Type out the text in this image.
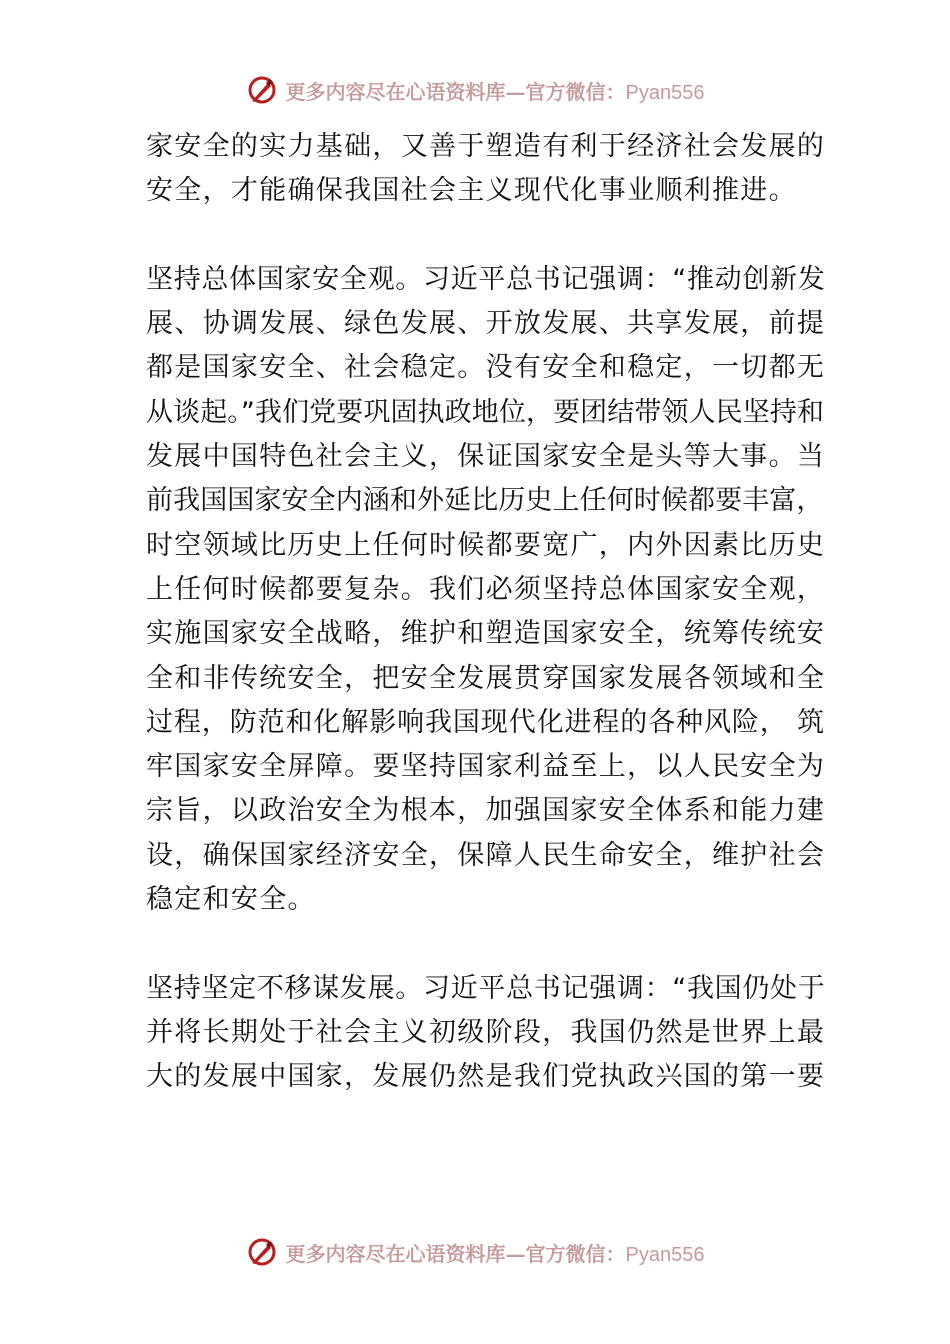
更多内容尽在心语资料库—官方微信：Pyan556
家安全的实力基础，又善于塑造有利于经济社会发展的
安全，才能确保我国社会主义现代化事业顺利推进。
坚持总体国家安全观。习近平总书记强调：“推动创新发
展、协调发展、绿色发展、开放发展、共享发展，前提
都是国家安全、社会稳定。没有安全和稳定，一切都无
从谈起。”我们党要巩固执政地位，要团结带领人民坚持和
发展中国特色社会主义，保证国家安全是头等大事。当
前我国国家安全内涵和外延比历史上任何时候都要丰富，
时空领域比历史上任何时候都要宽广，内外因素比历史
上任何时候都要复杂。我们必须坚持总体国家安全观，
实施国家安全战略，维护和塑造国家安全，统筹传统安
全和非传统安全，把安全发展贯穿国家发展各领域和全
过程，防范和化解影响我国现代化进程的各种风险， 筑
牢国家安全屏障。要坚持国家利益至上，以人民安全为
宗旨，以政治安全为根本，加强国家安全体系和能力建
设，确保国家经济安全，保障人民生命安全，维护社会
稳定和安全。
坚持坚定不移谋发展。习近平总书记强调：“我国仍处于
并将长期处于社会主义初级阶段，我国仍然是世界上最
大的发展中国家，发展仍然是我们党执政兴国的第一要
更多内容尽在心语资料库—官方微信：Pyan556
